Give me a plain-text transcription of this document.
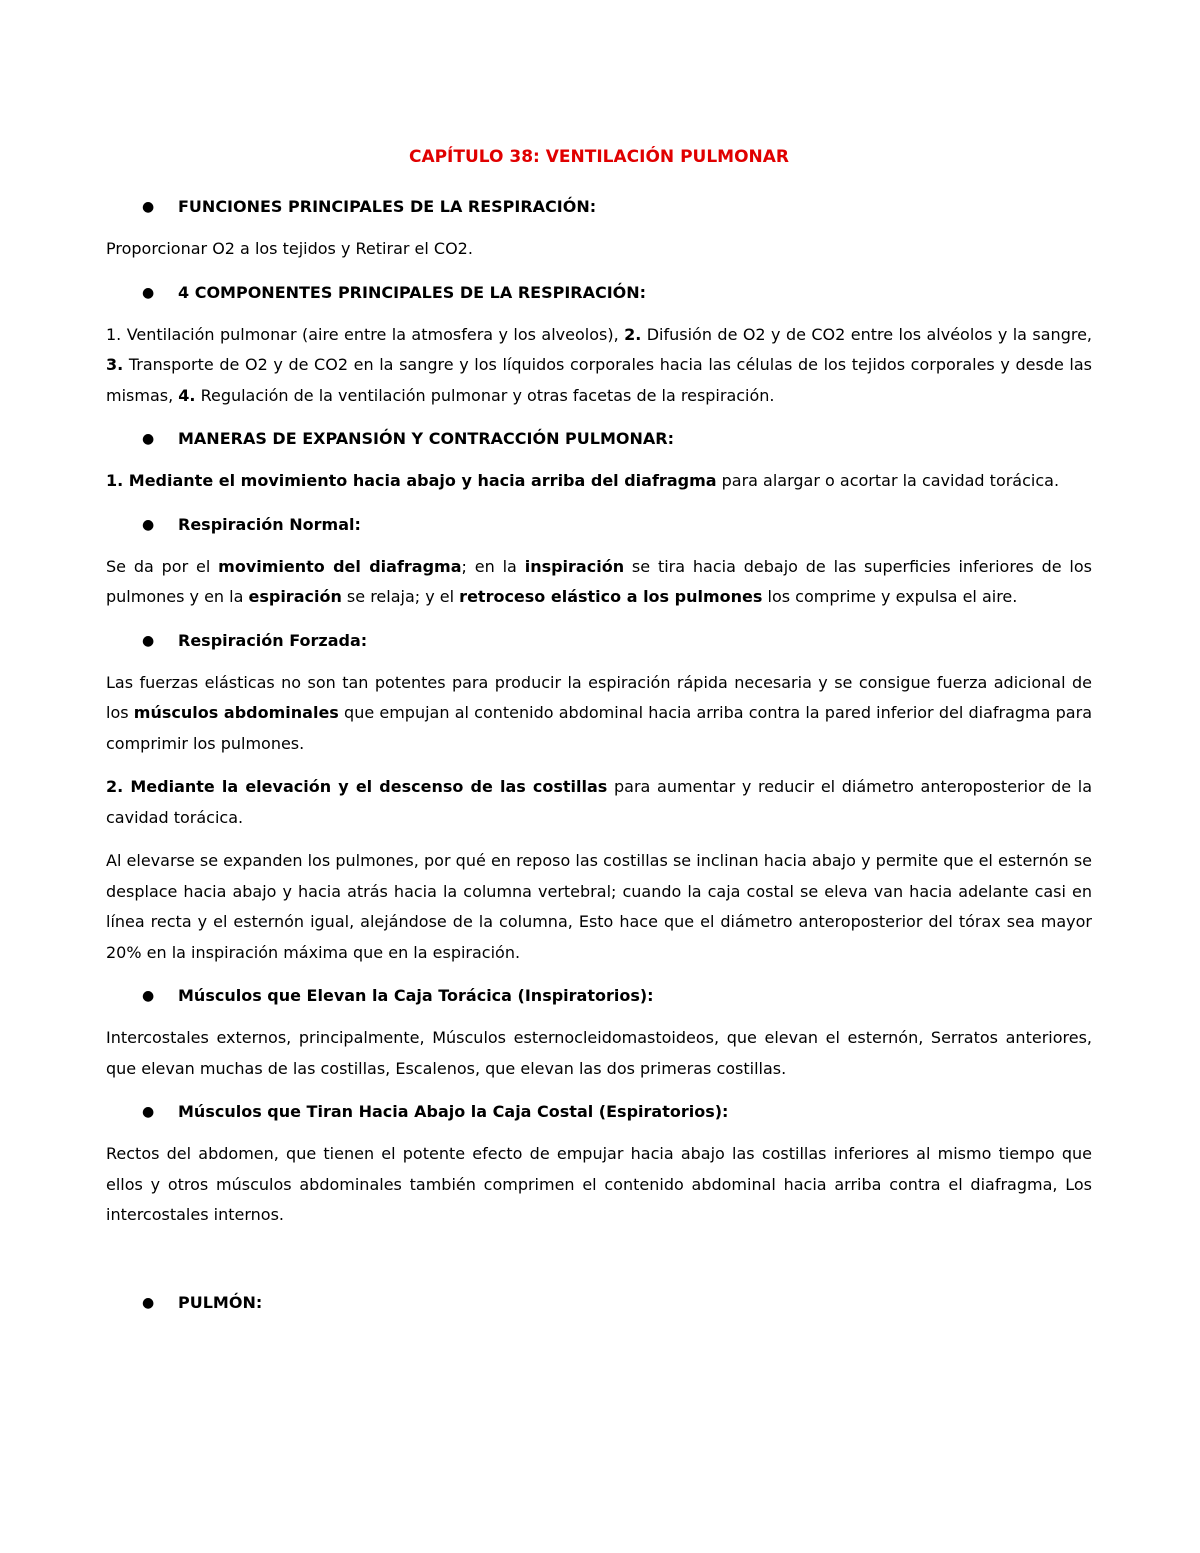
CAPÍTULO 38: VENTILACIÓN PULMONAR
● FUNCIONES PRINCIPALES DE LA RESPIRACIÓN:

Proporcionar O2 a los tejidos y Retirar el CO2.

● 4 COMPONENTES PRINCIPALES DE LA RESPIRACIÓN:

1. Ventilación pulmonar (aire entre la atmosfera y los alveolos), 2. Difusión de O2 y de CO2 entre los alvéolos y la sangre, 3. Transporte de O2 y de CO2 en la sangre y los líquidos corporales hacia las células de los tejidos corporales y desde las mismas, 4. Regulación de la ventilación pulmonar y otras facetas de la respiración.

● MANERAS DE EXPANSIÓN Y CONTRACCIÓN PULMONAR:

1. Mediante el movimiento hacia abajo y hacia arriba del diafragma para alargar o acortar la cavidad torácica.

● Respiración Normal:

Se da por el movimiento del diafragma; en la inspiración se tira hacia debajo de las superficies inferiores de los pulmones y en la espiración se relaja; y el retroceso elástico a los pulmones los comprime y expulsa el aire.

● Respiración Forzada:

Las fuerzas elásticas no son tan potentes para producir la espiración rápida necesaria y se consigue fuerza adicional de los músculos abdominales que empujan al contenido abdominal hacia arriba contra la pared inferior del diafragma para comprimir los pulmones.

2. Mediante la elevación y el descenso de las costillas para aumentar y reducir el diámetro anteroposterior de la cavidad torácica.

Al elevarse se expanden los pulmones, por qué en reposo las costillas se inclinan hacia abajo y permite que el esternón se desplace hacia abajo y hacia atrás hacia la columna vertebral; cuando la caja costal se eleva van hacia adelante casi en línea recta y el esternón igual, alejándose de la columna, Esto hace que el diámetro anteroposterior del tórax sea mayor 20% en la inspiración máxima que en la espiración.

● Músculos que Elevan la Caja Torácica (Inspiratorios):

Intercostales externos, principalmente, Músculos esternocleidomastoideos, que elevan el esternón, Serratos anteriores, que elevan muchas de las costillas, Escalenos, que elevan las dos primeras costillas.

● Músculos que Tiran Hacia Abajo la Caja Costal (Espiratorios):

Rectos del abdomen, que tienen el potente efecto de empujar hacia abajo las costillas inferiores al mismo tiempo que ellos y otros músculos abdominales también comprimen el contenido abdominal hacia arriba contra el diafragma, Los intercostales internos.

● PULMÓN:
